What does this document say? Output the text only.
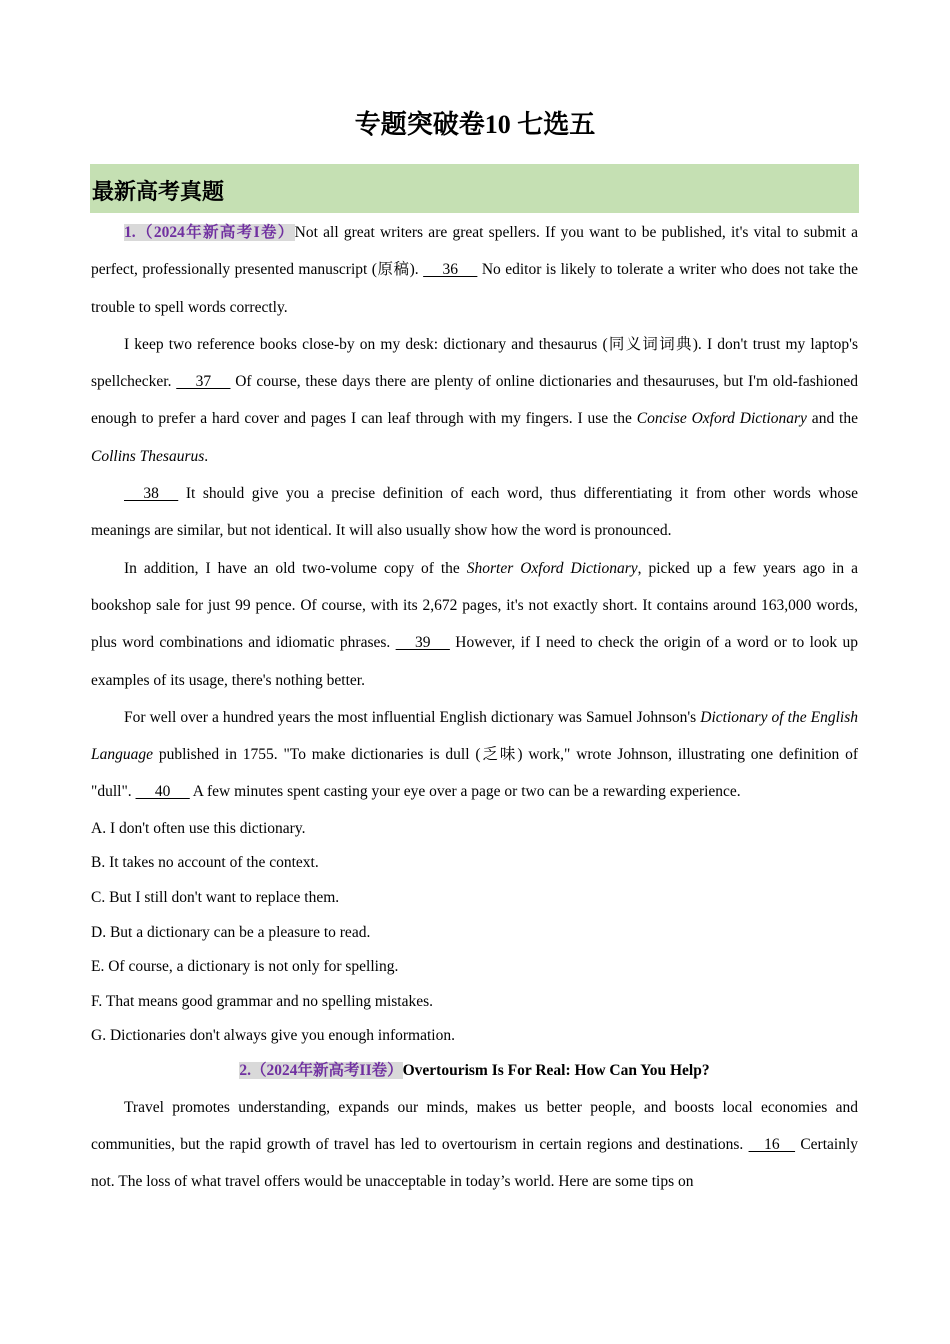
专题突破卷10 七选五
最新高考真题

1.（2024年新高考I卷）Not all great writers are great spellers. If you want to be published, it's vital to submit a perfect, professionally presented manuscript (原稿).      36      No editor is likely to tolerate a writer who does not take the trouble to spell words correctly.

I keep two reference books close-by on my desk: dictionary and thesaurus (同义词词典). I don't trust my laptop's spellchecker.      37      Of course, these days there are plenty of online dictionaries and thesauruses, but I'm old-fashioned enough to prefer a hard cover and pages I can leaf through with my fingers. I use the Concise Oxford Dictionary and the Collins Thesaurus.

38      It should give you a precise definition of each word, thus differentiating it from other words whose meanings are similar, but not identical. It will also usually show how the word is pronounced.

In addition, I have an old two-volume copy of the Shorter Oxford Dictionary, picked up a few years ago in a bookshop sale for just 99 pence. Of course, with its 2,672 pages, it's not exactly short. It contains around 163,000 words, plus word combinations and idiomatic phrases.      39      However, if I need to check the origin of a word or to look up examples of its usage, there's nothing better.

For well over a hundred years the most influential English dictionary was Samuel Johnson's Dictionary of the English Language published in 1755. "To make dictionaries is dull (乏味) work," wrote Johnson, illustrating one definition of "dull".      40      A few minutes spent casting your eye over a page or two can be a rewarding experience.

A. I don't often use this dictionary.

B. It takes no account of the context.

C. But I still don't want to replace them.

D. But a dictionary can be a pleasure to read.

E. Of course, a dictionary is not only for spelling.

F. That means good grammar and no spelling mistakes.

G. Dictionaries don't always give you enough information.

2.（2024年新高考II卷）Overtourism Is For Real: How Can You Help?

Travel promotes understanding, expands our minds, makes us better people, and boosts local economies and communities, but the rapid growth of travel has led to overtourism in certain regions and destinations.     16     Certainly not. The loss of what travel offers would be unacceptable in today’s world. Here are some tips on
